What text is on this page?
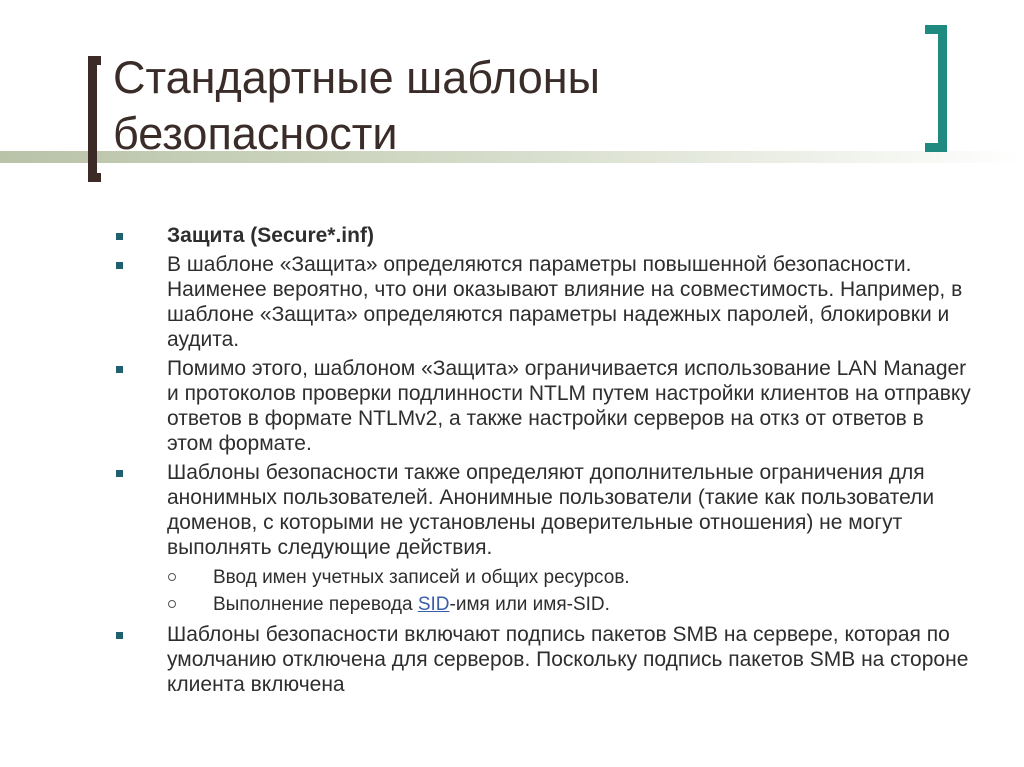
Стандартные шаблоны безопасности
Защита (Secure*.inf)
В шаблоне «Защита» определяются параметры повышенной безопасности. Наименее вероятно, что они оказывают влияние на совместимость. Например, в шаблоне «Защита» определяются параметры надежных паролей, блокировки и аудита.
Помимо этого, шаблоном «Защита» ограничивается использование LAN Manager и протоколов проверки подлинности NTLM путем настройки клиентов на отправку ответов в формате NTLMv2, а также настройки серверов на откз от ответов в этом формате.
Шаблоны безопасности также определяют дополнительные ограничения для анонимных пользователей. Анонимные пользователи (такие как пользователи доменов, с которыми не установлены доверительные отношения) не могут выполнять следующие действия.
Ввод имен учетных записей и общих ресурсов.
Выполнение перевода SID-имя или имя-SID.
Шаблоны безопасности включают подпись пакетов SMB на сервере, которая по умолчанию отключена для серверов. Поскольку подпись пакетов SMB на стороне клиента включена
